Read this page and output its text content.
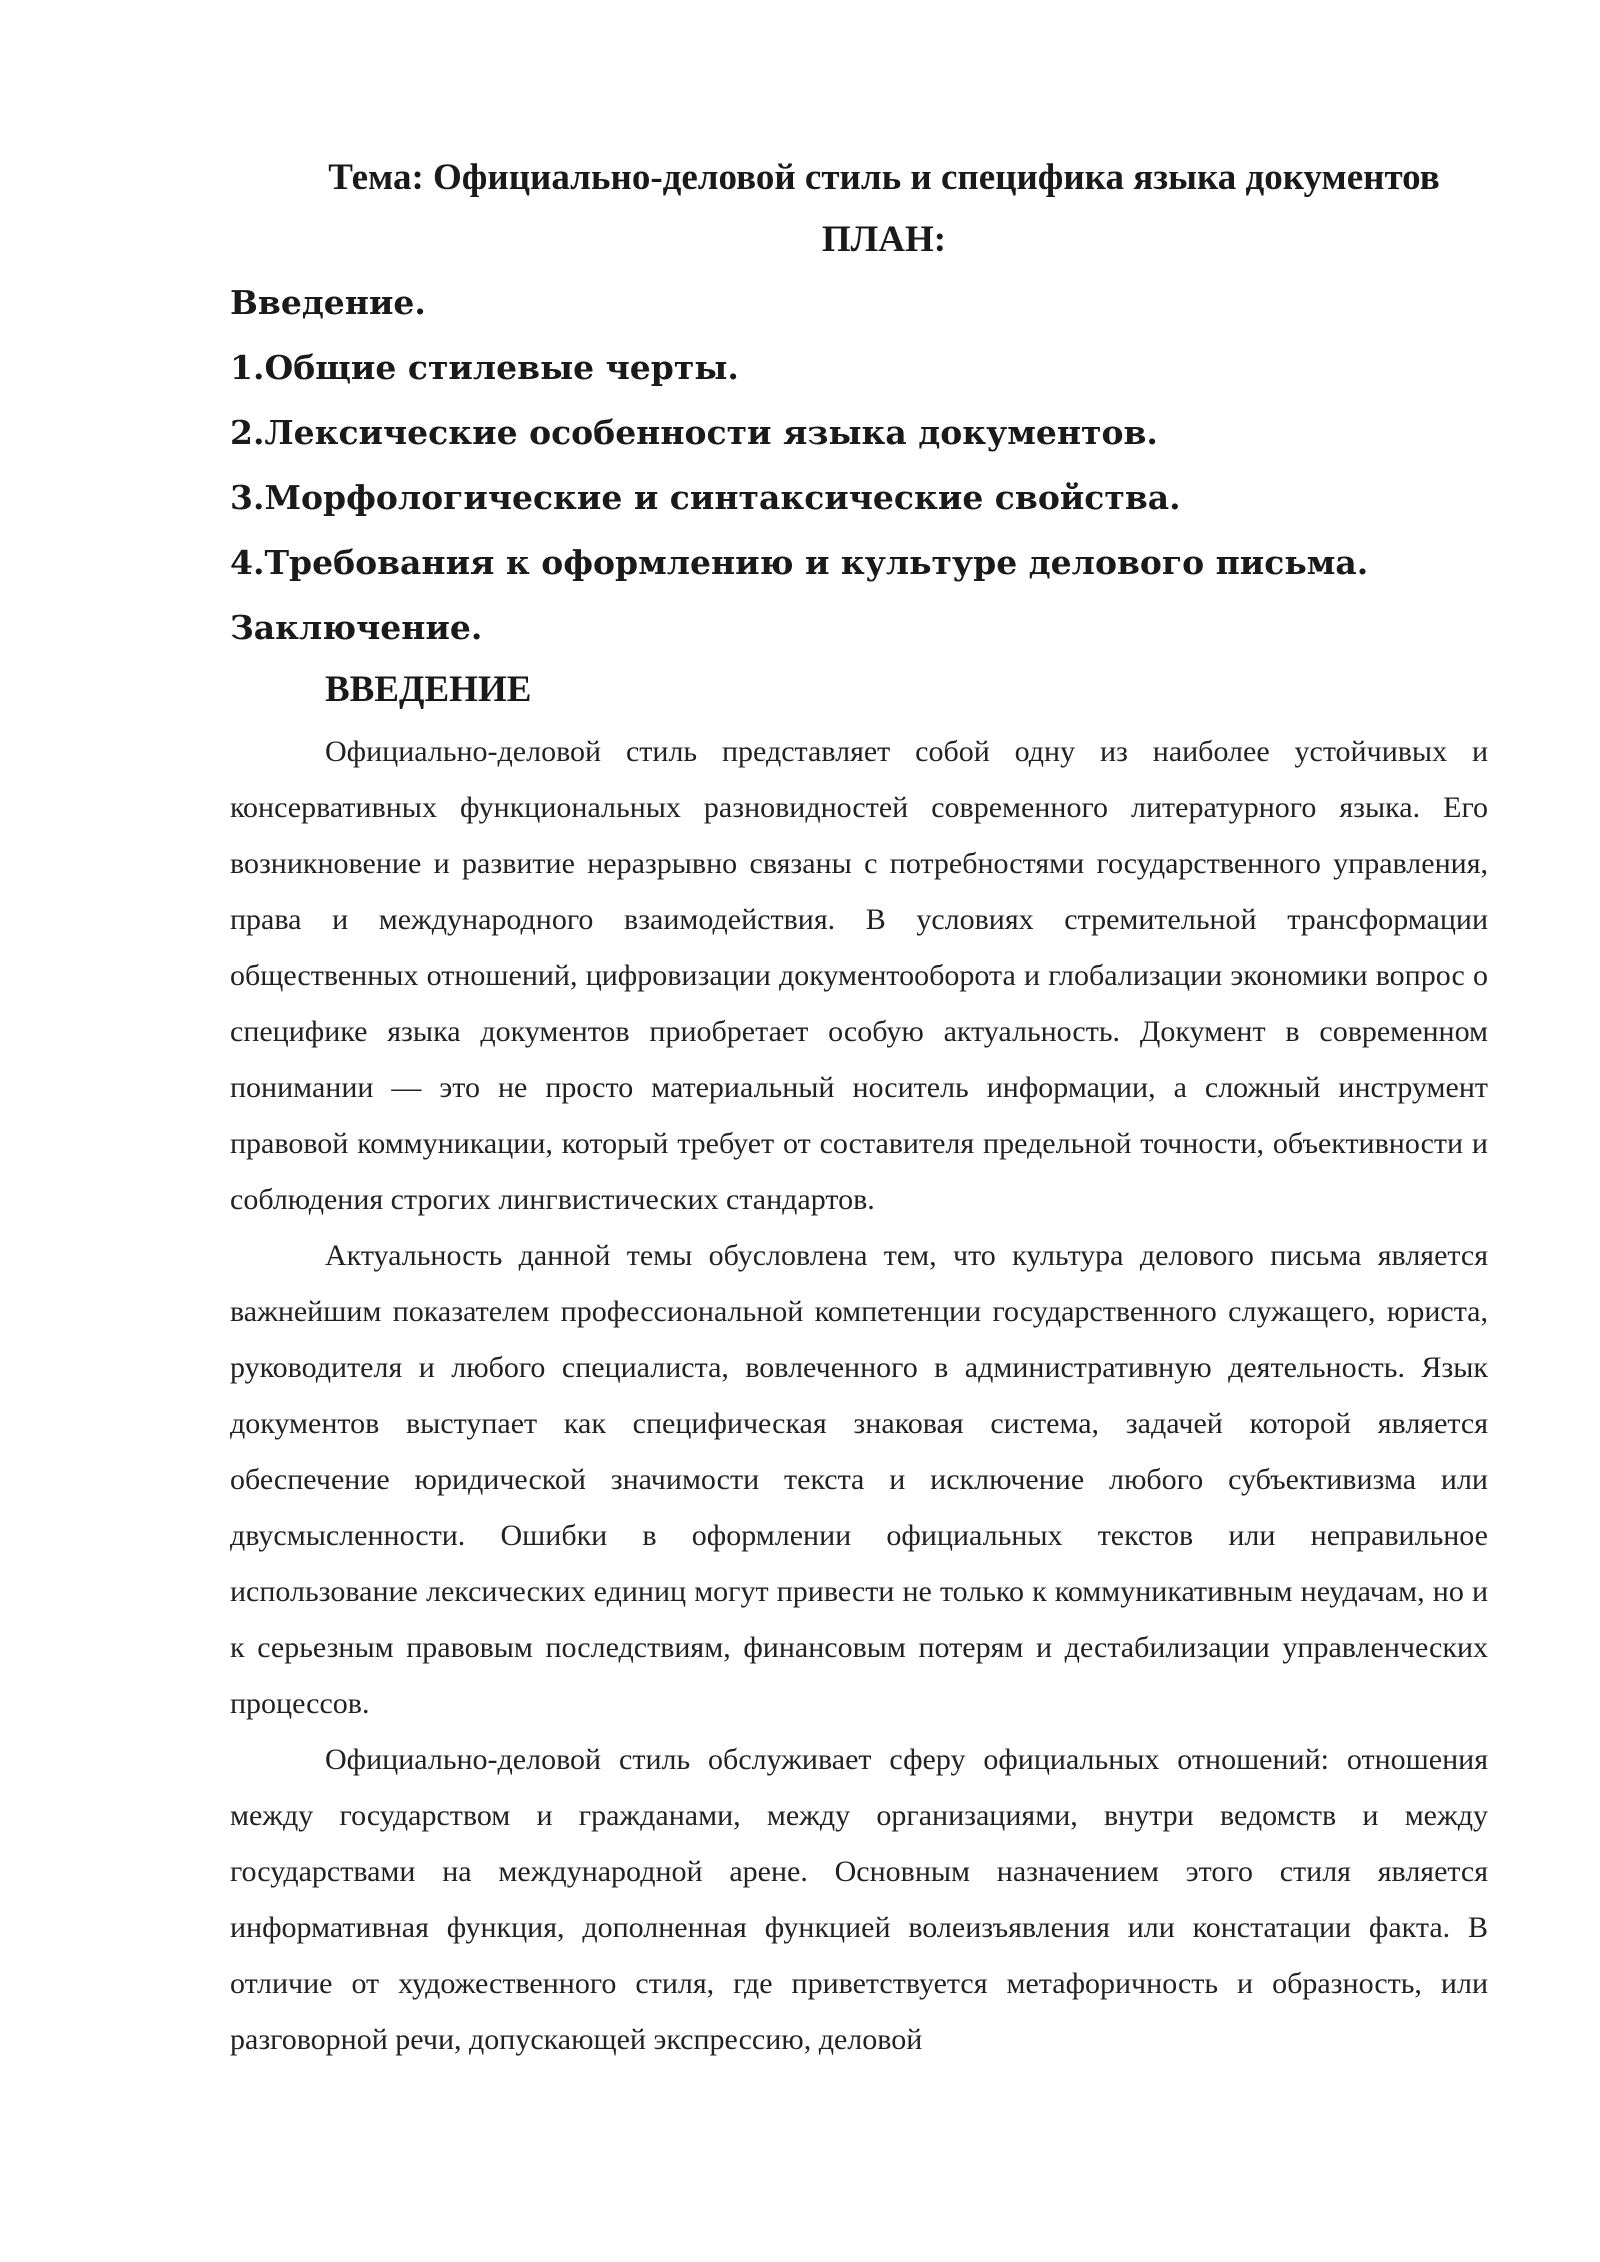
Тема: Официально-деловой стиль и специфика языка документов
ПЛАН:
Введение.
1.Общие стилевые черты.
2.Лексические особенности языка документов.
3.Морфологические и синтаксические свойства.
4.Требования к оформлению и культуре делового письма.
Заключение.
ВВЕДЕНИЕ

Официально-деловой стиль представляет собой одну из наиболее устойчивых и консервативных функциональных разновидностей современного литературного языка. Его возникновение и развитие неразрывно связаны с потребностями государственного управления, права и международного взаимодействия. В условиях стремительной трансформации общественных отношений, цифровизации документооборота и глобализации экономики вопрос о специфике языка документов приобретает особую актуальность. Документ в современном понимании — это не просто материальный носитель информации, а сложный инструмент правовой коммуникации, который требует от составителя предельной точности, объективности и соблюдения строгих лингвистических стандартов.

Актуальность данной темы обусловлена тем, что культура делового письма является важнейшим показателем профессиональной компетенции государственного служащего, юриста, руководителя и любого специалиста, вовлеченного в административную деятельность. Язык документов выступает как специфическая знаковая система, задачей которой является обеспечение юридической значимости текста и исключение любого субъективизма или двусмысленности. Ошибки в оформлении официальных текстов или неправильное использование лексических единиц могут привести не только к коммуникативным неудачам, но и к серьезным правовым последствиям, финансовым потерям и дестабилизации управленческих процессов.

Официально-деловой стиль обслуживает сферу официальных отношений: отношения между государством и гражданами, между организациями, внутри ведомств и между государствами на международной арене. Основным назначением этого стиля является информативная функция, дополненная функцией волеизъявления или констатации факта. В отличие от художественного стиля, где приветствуется метафоричность и образность, или разговорной речи, допускающей экспрессию, деловой
